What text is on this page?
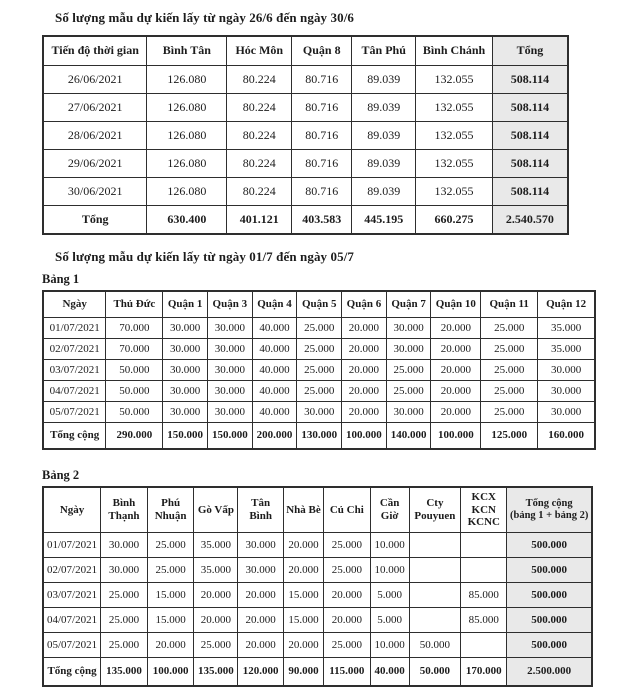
Số lượng mẫu dự kiến lấy từ ngày 26/6 đến ngày 30/6

Tiến độ thời gian	Bình Tân	Hóc Môn	Quận 8	Tân Phú	Bình Chánh	Tổng
26/06/2021	126.080	80.224	80.716	89.039	132.055	508.114
27/06/2021	126.080	80.224	80.716	89.039	132.055	508.114
28/06/2021	126.080	80.224	80.716	89.039	132.055	508.114
29/06/2021	126.080	80.224	80.716	89.039	132.055	508.114
30/06/2021	126.080	80.224	80.716	89.039	132.055	508.114
Tổng	630.400	401.121	403.583	445.195	660.275	2.540.570

Số lượng mẫu dự kiến lấy từ ngày 01/7 đến ngày 05/7

Bảng 1

Ngày	Thủ Đức	Quận 1	Quận 3	Quận 4	Quận 5	Quận 6	Quận 7	Quận 10	Quận 11	Quận 12
01/07/2021	70.000	30.000	30.000	40.000	25.000	20.000	30.000	20.000	25.000	35.000
02/07/2021	70.000	30.000	30.000	40.000	25.000	20.000	30.000	20.000	25.000	35.000
03/07/2021	50.000	30.000	30.000	40.000	25.000	20.000	25.000	20.000	25.000	30.000
04/07/2021	50.000	30.000	30.000	40.000	25.000	20.000	25.000	20.000	25.000	30.000
05/07/2021	50.000	30.000	30.000	40.000	30.000	20.000	30.000	20.000	25.000	30.000
Tổng cộng	290.000	150.000	150.000	200.000	130.000	100.000	140.000	100.000	125.000	160.000

Bảng 2

Ngày	Bình Thạnh	Phú Nhuận	Gò Vấp	Tân Bình	Nhà Bè	Củ Chi	Cần Giờ	Cty Pouyuen	KCX KCN KCNC	Tổng cộng
(bảng 1 + bảng 2)
01/07/2021	30.000	25.000	35.000	30.000	20.000	25.000	10.000			500.000
02/07/2021	30.000	25.000	35.000	30.000	20.000	25.000	10.000			500.000
03/07/2021	25.000	15.000	20.000	20.000	15.000	20.000	5.000		85.000	500.000
04/07/2021	25.000	15.000	20.000	20.000	15.000	20.000	5.000		85.000	500.000
05/07/2021	25.000	20.000	25.000	20.000	20.000	25.000	10.000	50.000		500.000
Tổng cộng	135.000	100.000	135.000	120.000	90.000	115.000	40.000	50.000	170.000	2.500.000
